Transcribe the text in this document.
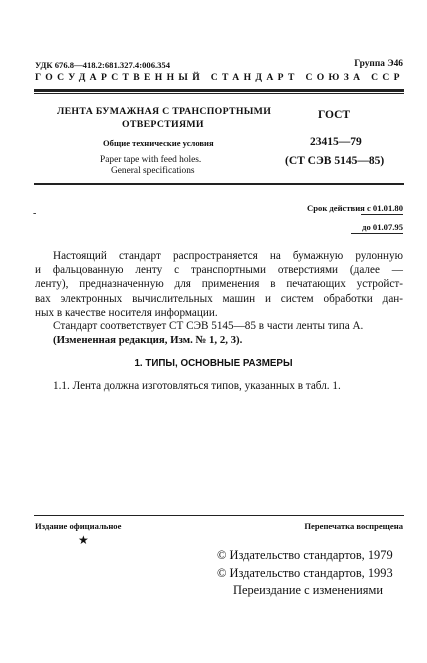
УДК 676.8—418.2:681.327.4:006.354	Группа Э46
ГОСУДАРСТВЕННЫЙ СТАНДАРТ СОЮЗА ССР
ЛЕНТА БУМАЖНАЯ С ТРАНСПОРТНЫМИ
ОТВЕРСТИЯМИ
Общие технические условия
Paper tape with feed holes.
General specifications
ГОСТ
23415—79
(СТ СЭВ 5145—85)
-	Срок действия с 01.01.80
до 01.07.95
Настоящий стандарт распространяется на бумажную рулонную
и фальцованную ленту с транспортными отверстиями (далее —
ленту), предназначенную для применения в печатающих устройст-
вах электронных вычислительных машин и систем обработки дан-
ных в качестве носителя информации.
Стандарт соответствует СТ СЭВ 5145—85 в части ленты типа А.
(Измененная редакция, Изм. № 1, 2, 3).
1. ТИПЫ, ОСНОВНЫЕ РАЗМЕРЫ
1.1. Лента должна изготовляться типов, указанных в табл. 1.
Издание официальное	Перепечатка воспрещена
★
© Издательство стандартов, 1979
© Издательство стандартов, 1993
Переиздание с изменениями
